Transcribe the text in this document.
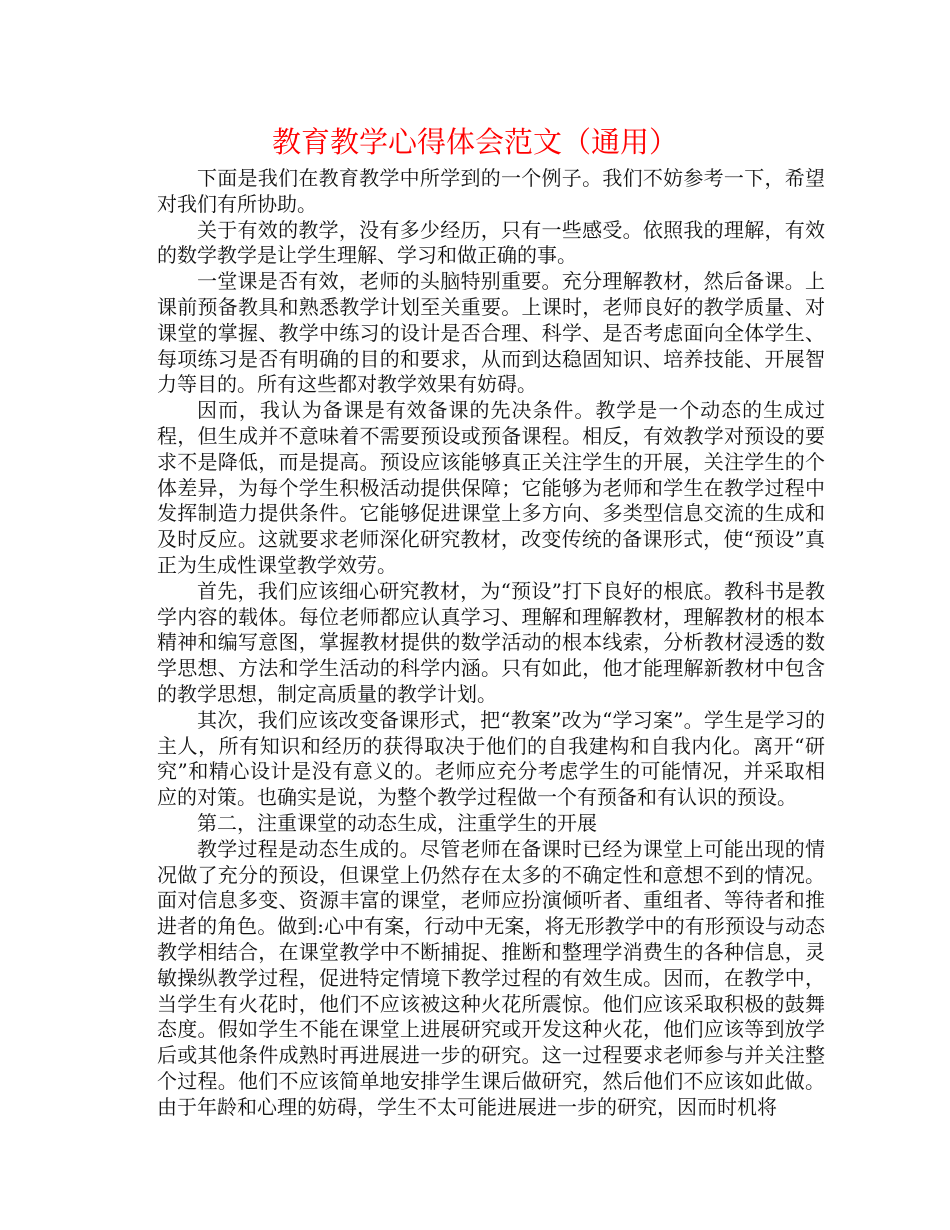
教育教学心得体会范文（通用）

下面是我们在教育教学中所学到的一个例子。我们不妨参考一下，希望对我们有所协助。

关于有效的教学，没有多少经历，只有一些感受。依照我的理解，有效的数学教学是让学生理解、学习和做正确的事。

一堂课是否有效，老师的头脑特别重要。充分理解教材，然后备课。上课前预备教具和熟悉教学计划至关重要。上课时，老师良好的教学质量、对课堂的掌握、教学中练习的设计是否合理、科学、是否考虑面向全体学生、每项练习是否有明确的目的和要求，从而到达稳固知识、培养技能、开展智力等目的。所有这些都对教学效果有妨碍。

因而，我认为备课是有效备课的先决条件。教学是一个动态的生成过程，但生成并不意味着不需要预设或预备课程。相反，有效教学对预设的要求不是降低，而是提高。预设应该能够真正关注学生的开展，关注学生的个体差异，为每个学生积极活动提供保障；它能够为老师和学生在教学过程中发挥制造力提供条件。它能够促进课堂上多方向、多类型信息交流的生成和及时反应。这就要求老师深化研究教材，改变传统的备课形式，使“预设”真正为生成性课堂教学效劳。

首先，我们应该细心研究教材，为“预设”打下良好的根底。教科书是教学内容的载体。每位老师都应认真学习、理解和理解教材，理解教材的根本精神和编写意图，掌握教材提供的数学活动的根本线索，分析教材浸透的数学思想、方法和学生活动的科学内涵。只有如此，他才能理解新教材中包含的教学思想，制定高质量的教学计划。

其次，我们应该改变备课形式，把“教案”改为“学习案”。学生是学习的主人，所有知识和经历的获得取决于他们的自我建构和自我内化。离开“研究”和精心设计是没有意义的。老师应充分考虑学生的可能情况，并采取相应的对策。也确实是说，为整个教学过程做一个有预备和有认识的预设。

第二，注重课堂的动态生成，注重学生的开展

教学过程是动态生成的。尽管老师在备课时已经为课堂上可能出现的情况做了充分的预设，但课堂上仍然存在太多的不确定性和意想不到的情况。面对信息多变、资源丰富的课堂，老师应扮演倾听者、重组者、等待者和推进者的角色。做到:心中有案，行动中无案，将无形教学中的有形预设与动态教学相结合，在课堂教学中不断捕捉、推断和整理学消费生的各种信息，灵敏操纵教学过程，促进特定情境下教学过程的有效生成。因而，在教学中，当学生有火花时，他们不应该被这种火花所震惊。他们应该采取积极的鼓舞态度。假如学生不能在课堂上进展研究或开发这种火花，他们应该等到放学后或其他条件成熟时再进展进一步的研究。这一过程要求老师参与并关注整个过程。他们不应该简单地安排学生课后做研究，然后他们不应该如此做。由于年龄和心理的妨碍，学生不太可能进展进一步的研究，因而时机将
